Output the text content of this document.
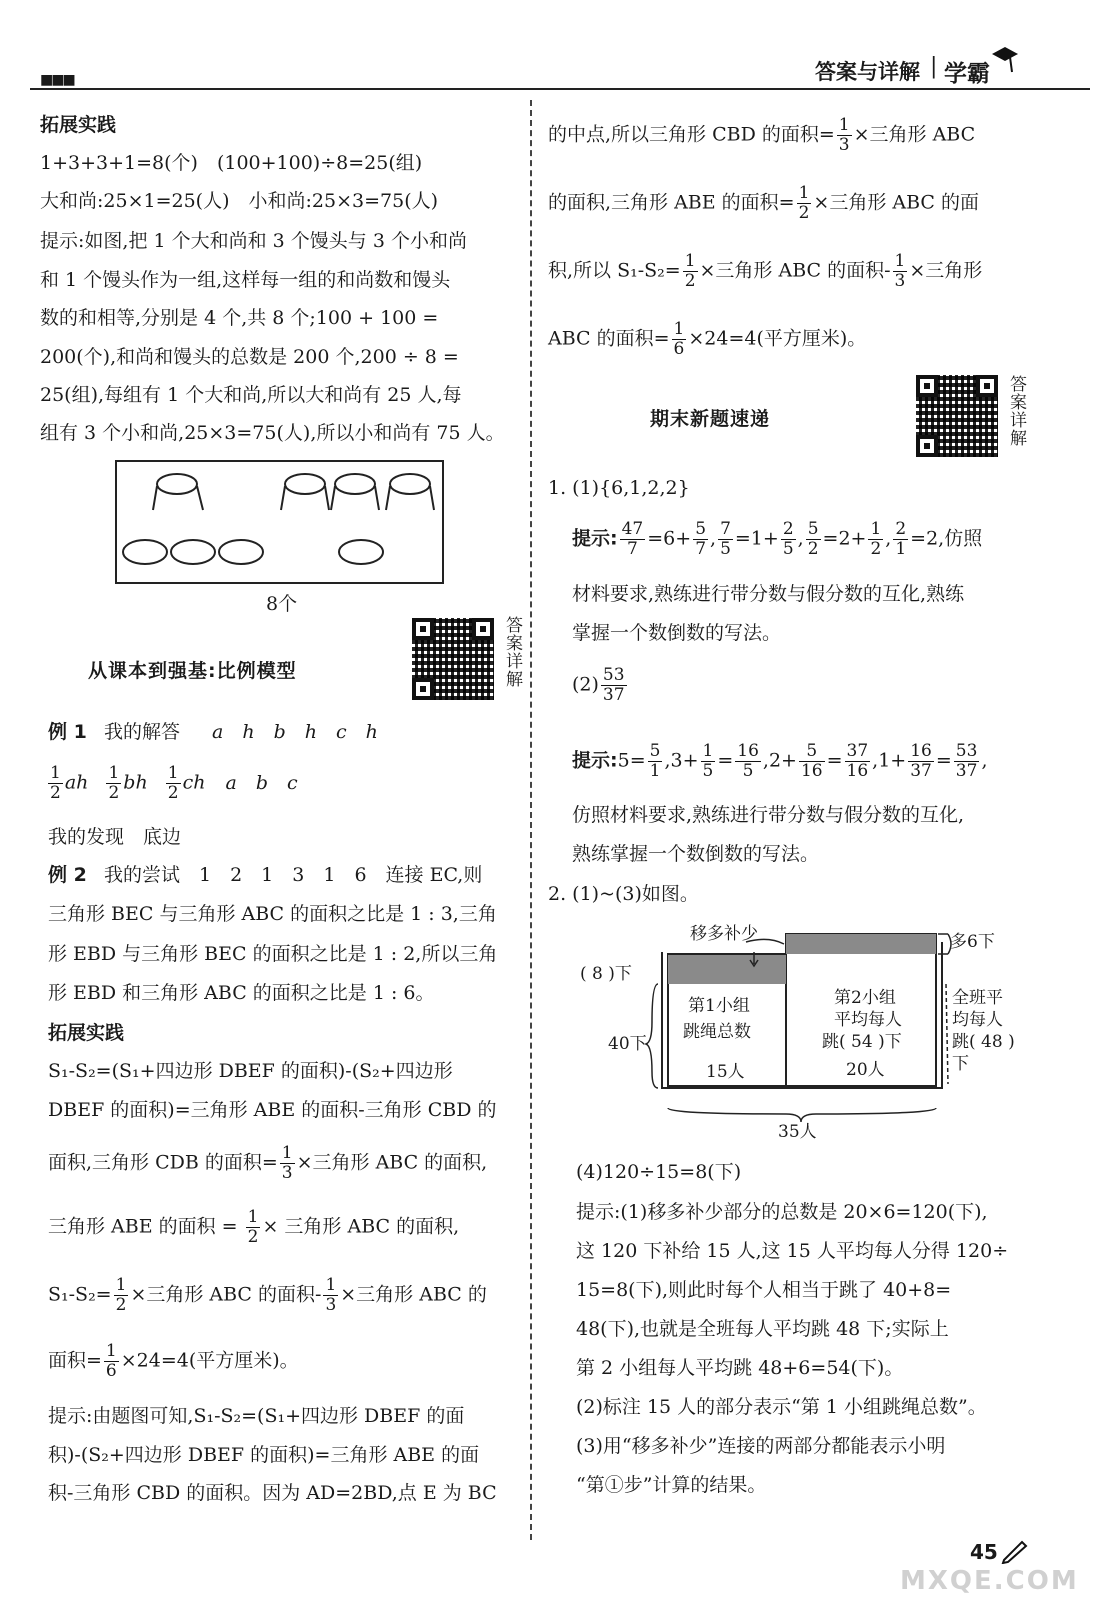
■■■	答案与详解 | 学霸
拓展实践
1+3+3+1=8(个)　(100+100)÷8=25(组)
大和尚:25×1=25(人)　小和尚:25×3=75(人)
提示:如图,把 1 个大和尚和 3 个馒头与 3 个小和尚
和 1 个馒头作为一组,这样每一组的和尚数和馒头
数的和相等,分别是 4 个,共 8 个;100 + 100 =
200(个),和尚和馒头的总数是 200 个,200 ÷ 8 =
25(组),每组有 1 个大和尚,所以大和尚有 25 人,每
组有 3 个小和尚,25×3=75(人),所以小和尚有 75 人。
8个
从课本到强基:比例模型	答案详解
例 1 我的解答 a　h　b　h　c　h
$\frac{1}{2}$ ah $\frac{1}{2}$ bh $\frac{1}{2}$ ch a　b　c
我的发现　底边
例 2 我的尝试　1　2　1　3　1　6　连接 EC,则
三角形 BEC 与三角形 ABC 的面积之比是 1 : 3,三角
形 EBD 与三角形 BEC 的面积之比是 1 : 2,所以三角
形 EBD 和三角形 ABC 的面积之比是 1 : 6。
拓展实践
S₁-S₂=(S₁+四边形 DBEF 的面积)-(S₂+四边形
DBEF 的面积)=三角形 ABE 的面积-三角形 CBD 的
面积,三角形 CDB 的面积= $\frac{1}{3}$ ×三角形 ABC 的面积,
三角形 ABE 的面积 = $\frac{1}{2}$ × 三角形 ABC 的面积,
$S_1-S_2= \frac{1}{2}$ ×三角形 ABC 的面积- $\frac{1}{3}$ ×三角形 ABC 的
面积= $\frac{1}{6} \times 24=4$(平方厘米)。
提示:由题图可知,S₁-S₂=(S₁+四边形 DBEF 的面
积)-(S₂+四边形 DBEF 的面积)=三角形 ABE 的面
积-三角形 CBD 的面积。因为 AD=2BD,点 E 为 BC
的中点,所以三角形 CBD 的面积= $\frac{1}{3}$ ×三角形 ABC
的面积,三角形 ABE 的面积= $\frac{1}{2}$ ×三角形 ABC 的面
积,所以 $S_1-S_2= \frac{1}{2}$ ×三角形 ABC 的面积- $\frac{1}{3}$ ×三角形
ABC 的面积= $\frac{1}{6} \times 24=4$(平方厘米)。
期末新题速递	答案详解
1. (1){6,1,2,2}
提示: $\frac{47}{7} =6+ \frac{5}{7}$ , $\frac{7}{5} =1+ \frac{2}{5}$ , $\frac{5}{2} =2+ \frac{1}{2}$ , $\frac{2}{1} =2$,仿照
材料要求,熟练进行带分数与假分数的互化,熟练
掌握一个数倒数的写法。
$(2) \frac{53}{37}$
提示:5= $\frac{5}{1} ,3+ \frac{1}{5} = \frac{16}{5} ,2+ \frac{5}{16} = \frac{37}{16} ,1+ \frac{16}{37} = \frac{53}{37}$ ,
仿照材料要求,熟练进行带分数与假分数的互化,
熟练掌握一个数倒数的写法。
2. (1)~(3)如图。
移多补少	多6下
( 8 )下
第1小组
跳绳总数
第2小组
平均每人
跳( 54 )下
全班平
均每人
跳( 48 )
下
40下
15人	20人
35人
(4)120÷15=8(下)
提示:(1)移多补少部分的总数是 20×6=120(下),
这 120 下补给 15 人,这 15 人平均每人分得 120÷
15=8(下),则此时每个人相当于跳了 40+8=
48(下),也就是全班每人平均跳 48 下;实际上
第 2 小组每人平均跳 48+6=54(下)。
(2)标注 15 人的部分表示“第 1 小组跳绳总数”。
(3)用“移多补少”连接的两部分都能表示小明
“第①步”计算的结果。
45
MXQE.COM
